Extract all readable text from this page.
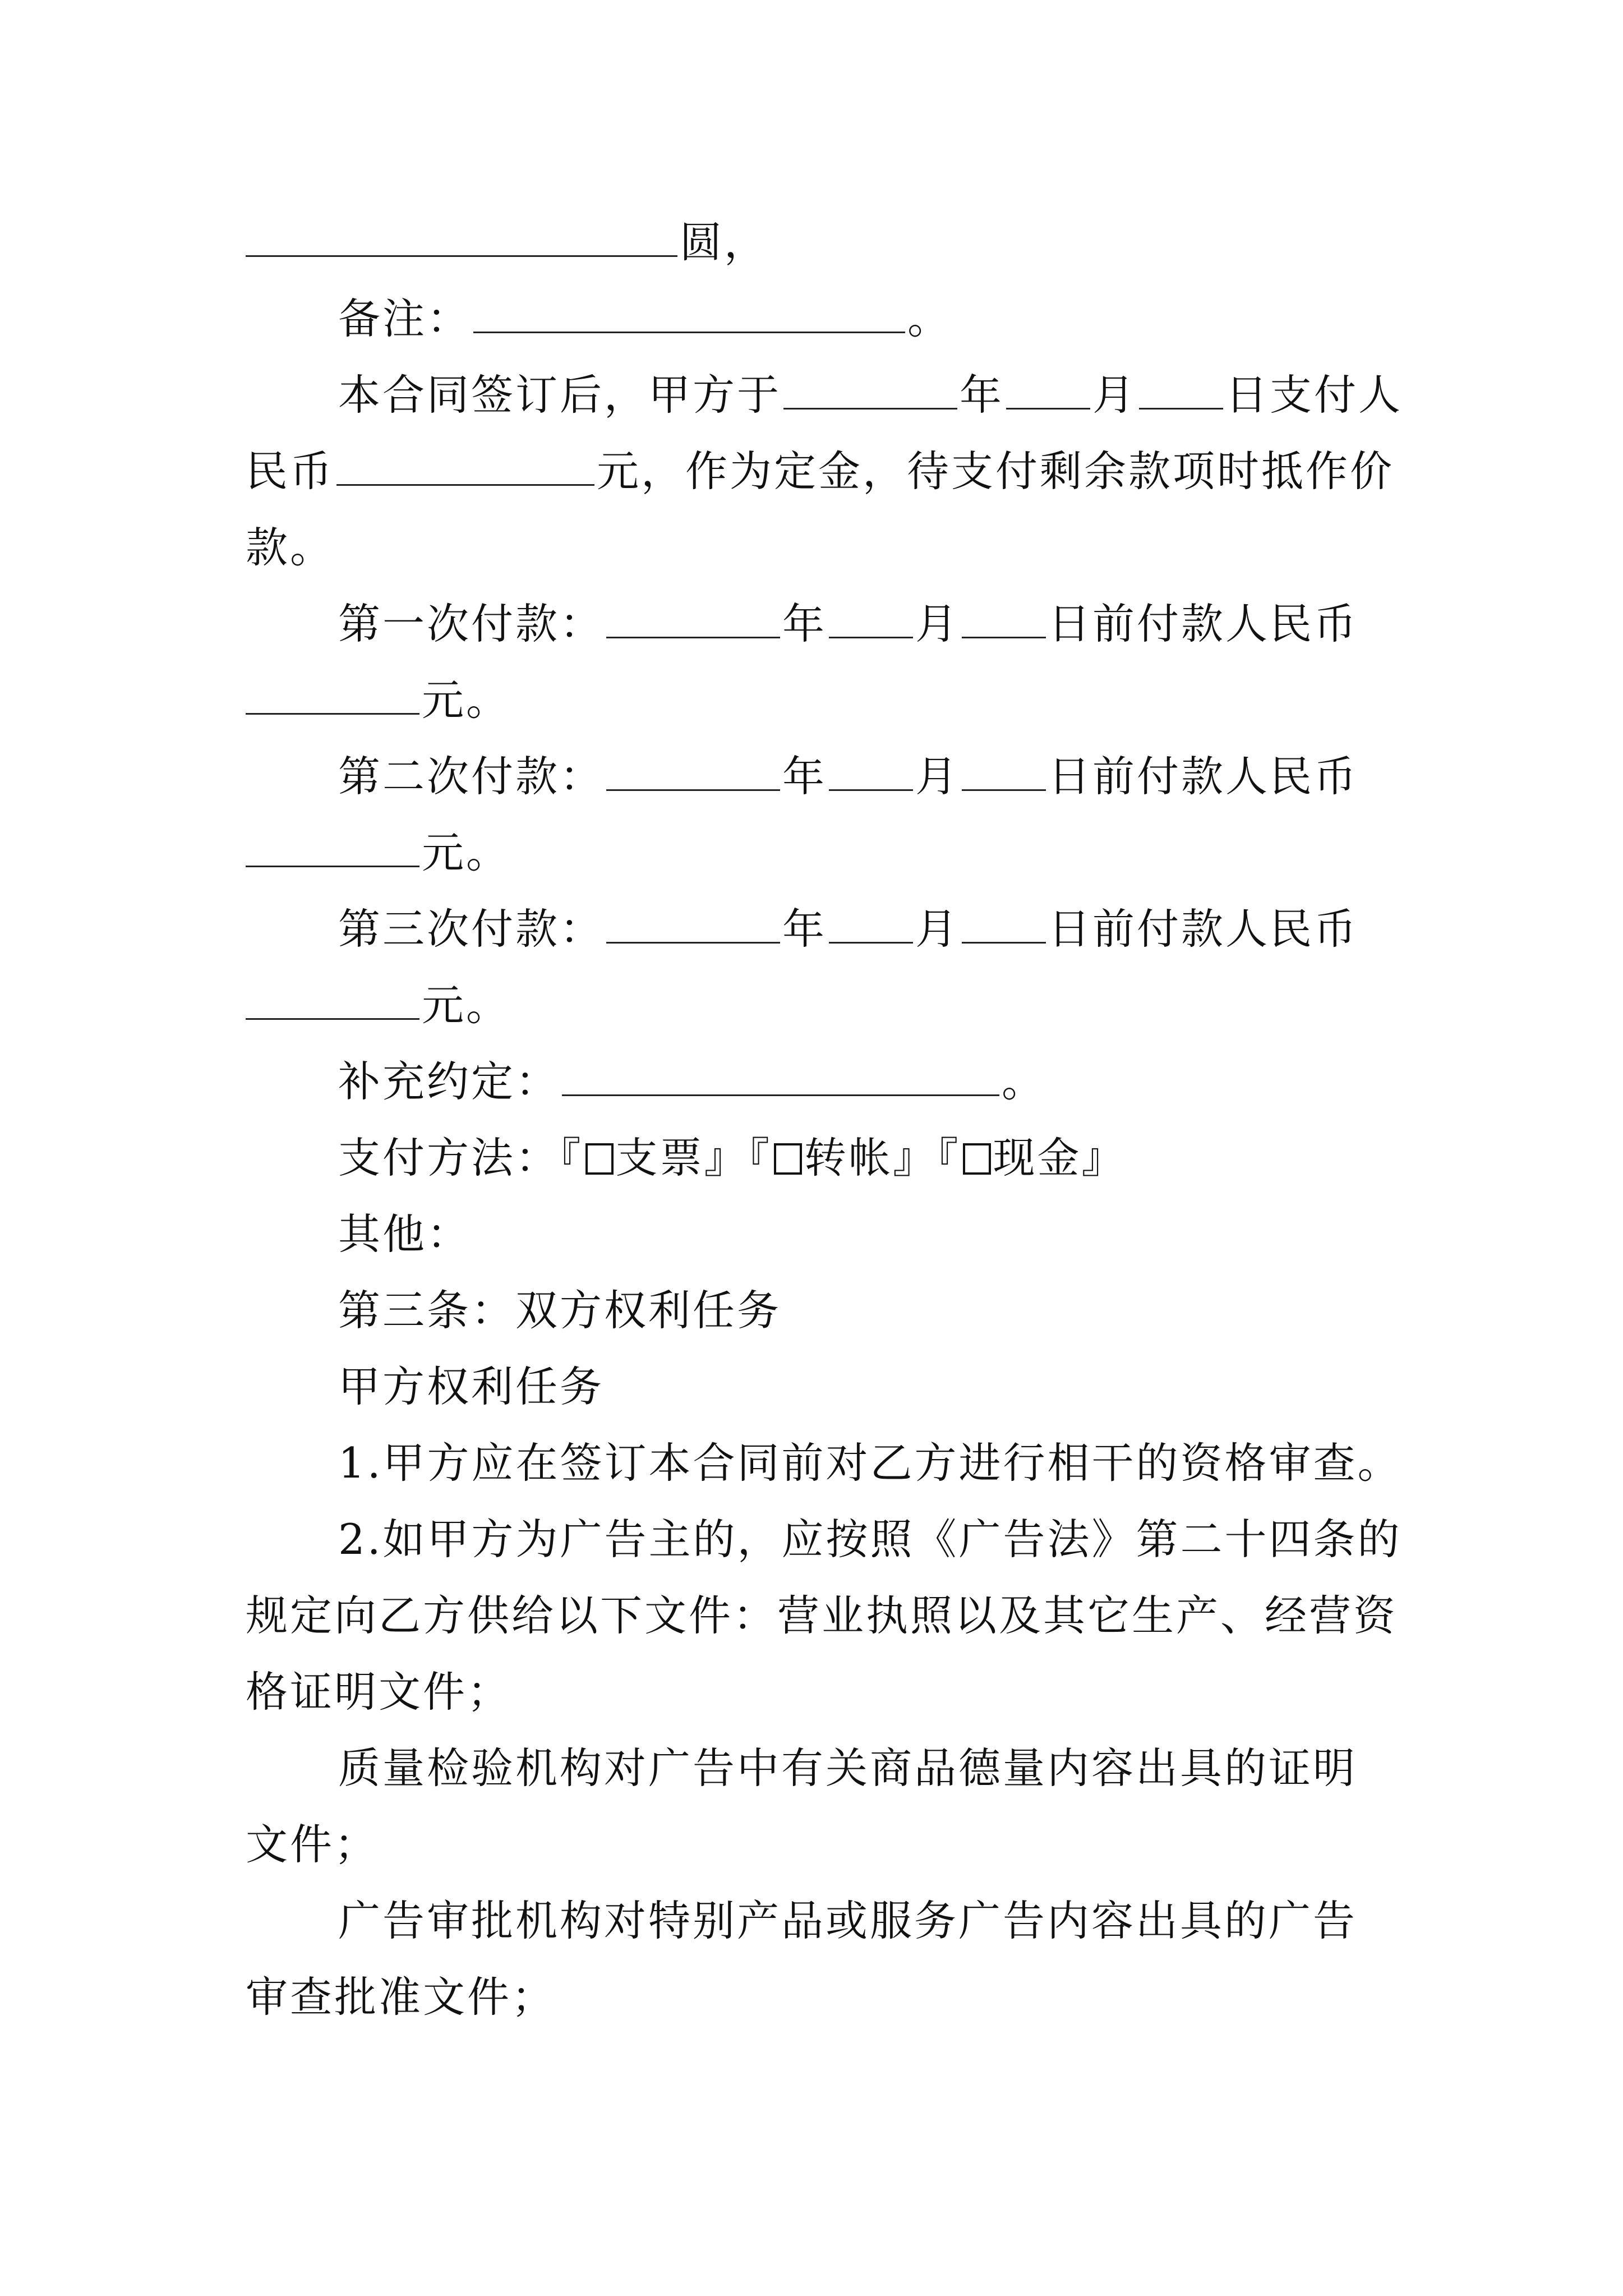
圆，
备注：	。
本合同签订后，甲方于	年 月 日支付人
民币	元，作为定金，待支付剩余款项时抵作价
款。
第一次付款：	年 月 日前付款人民币
元。
第二次付款：	年 月 日前付款人民币
元。
第三次付款：	年 月 日前付款人民币
元。
补充约定：	。
支付方法：『 支票』『 转帐』『 现金』
其他：
第三条：双方权利任务
甲方权利任务
1.甲方应在签订本合同前对乙方进行相干的资格审查。
2.如甲方为广告主的，应按照《广告法》第二十四条的
规定向乙方供给以下文件：营业执照以及其它生产、经营资
格证明文件；
质量检验机构对广告中有关商品德量内容出具的证明
文件；
广告审批机构对特别产品或服务广告内容出具的广告
审查批准文件；
